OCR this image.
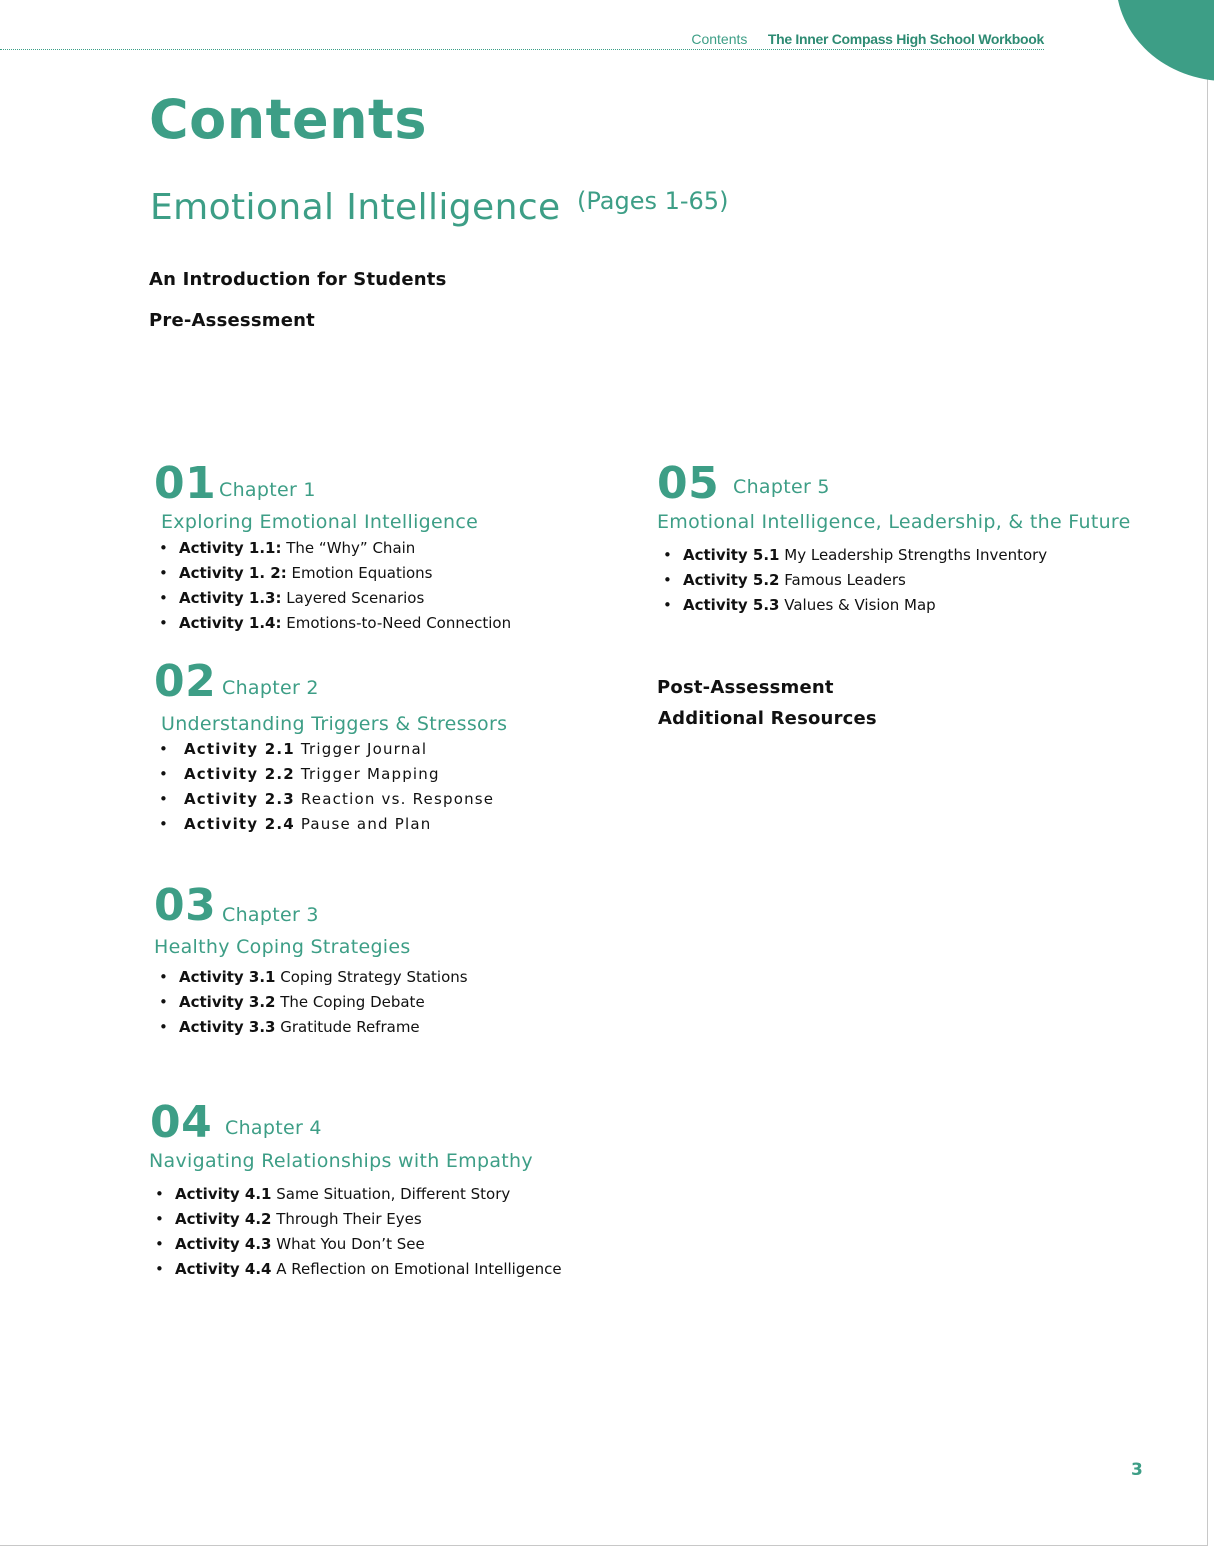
Contents The Inner Compass High School Workbook
Contents
Emotional Intelligence (Pages 1-65)
An Introduction for Students
Pre-Assessment
01 Chapter 1
Exploring Emotional Intelligence
• Activity 1.1: The “Why” Chain
• Activity 1. 2: Emotion Equations
• Activity 1.3: Layered Scenarios
• Activity 1.4: Emotions-to-Need Connection
02 Chapter 2
Understanding Triggers & Stressors
• Activity 2.1 Trigger Journal
• Activity 2.2 Trigger Mapping
• Activity 2.3 Reaction vs. Response
• Activity 2.4 Pause and Plan
03 Chapter 3
Healthy Coping Strategies
• Activity 3.1 Coping Strategy Stations
• Activity 3.2 The Coping Debate
• Activity 3.3 Gratitude Reframe
04 Chapter 4
Navigating Relationships with Empathy
• Activity 4.1 Same Situation, Different Story
• Activity 4.2 Through Their Eyes
• Activity 4.3 What You Don’t See
• Activity 4.4 A Reflection on Emotional Intelligence
05 Chapter 5
Emotional Intelligence, Leadership, & the Future
• Activity 5.1 My Leadership Strengths Inventory
• Activity 5.2 Famous Leaders
• Activity 5.3 Values & Vision Map
Post-Assessment
Additional Resources
3
